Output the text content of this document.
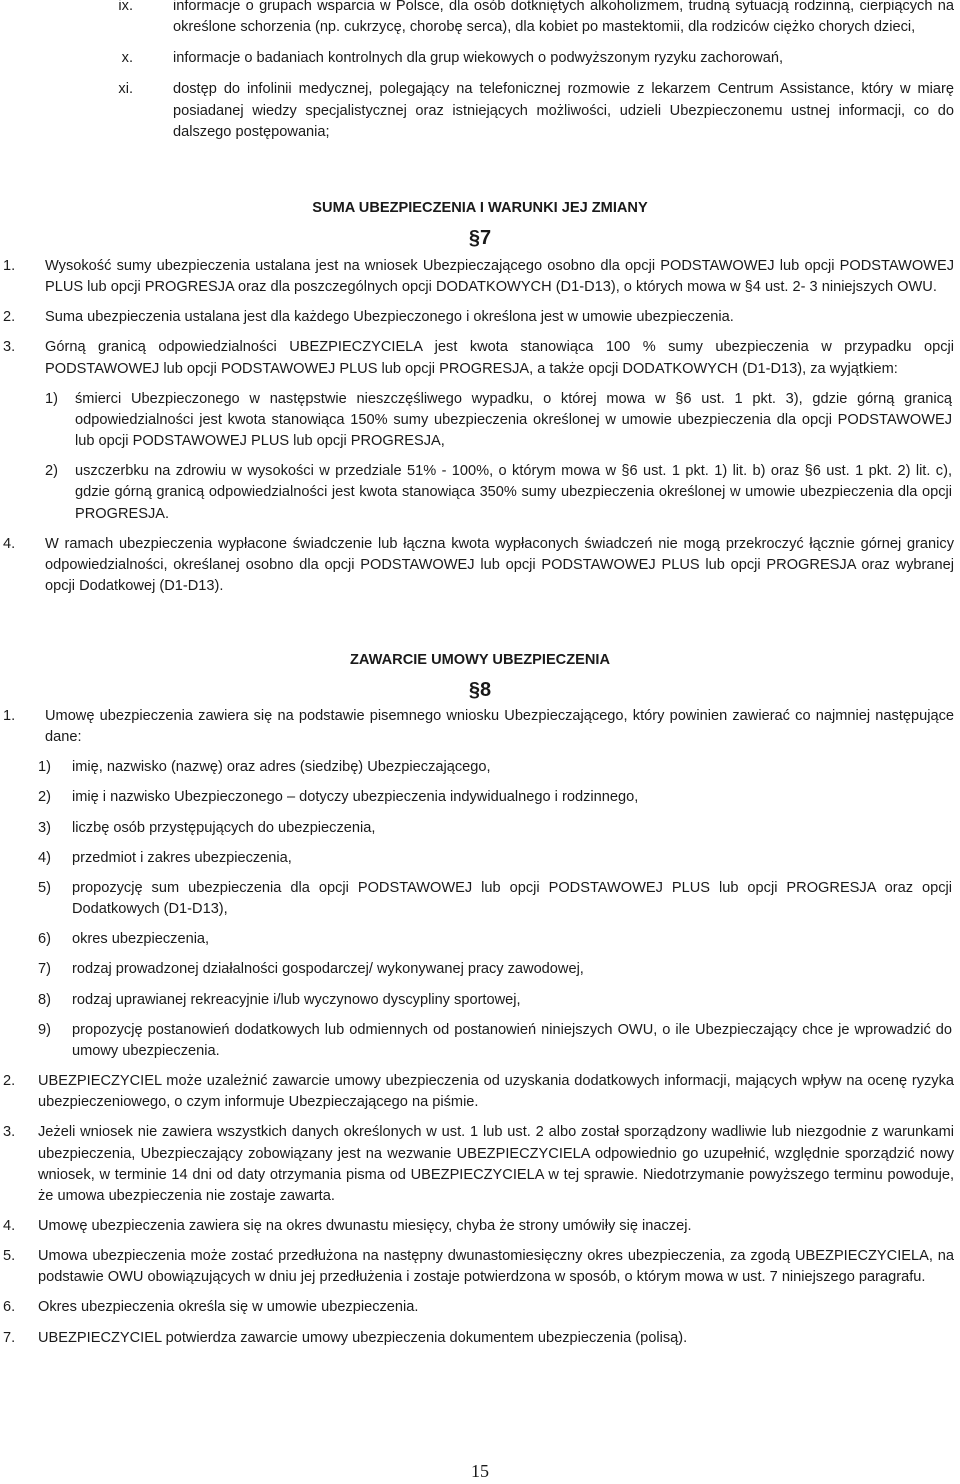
ix.	informacje o grupach wsparcia w Polsce, dla osób dotkniętych alkoholizmem, trudną sytuacją rodzinną, cierpiących na określone schorzenia (np. cukrzycę, chorobę serca), dla kobiet po mastektomii, dla rodziców ciężko chorych dzieci,
x.	informacje o badaniach kontrolnych dla grup wiekowych o podwyższonym ryzyku zachorowań,
xi.	dostęp do infolinii medycznej, polegający na telefonicznej rozmowie z lekarzem Centrum Assistance, który w miarę posiadanej wiedzy specjalistycznej oraz istniejących możliwości, udzieli Ubezpieczonemu ustnej informacji, co do dalszego postępowania;
SUMA UBEZPIECZENIA I WARUNKI JEJ ZMIANY
§7
1. Wysokość sumy ubezpieczenia ustalana jest na wniosek Ubezpieczającego osobno dla opcji PODSTAWOWEJ lub opcji PODSTAWOWEJ PLUS lub opcji PROGRESJA oraz dla poszczególnych opcji DODATKOWYCH (D1-D13), o których mowa w §4 ust. 2- 3 niniejszych OWU.
2. Suma ubezpieczenia ustalana jest dla każdego Ubezpieczonego i określona jest w umowie ubezpieczenia.
3. Górną granicą odpowiedzialności UBEZPIECZYCIELA jest kwota stanowiąca 100 % sumy ubezpieczenia w przypadku opcji PODSTAWOWEJ lub opcji PODSTAWOWEJ PLUS lub opcji PROGRESJA, a także opcji DODATKOWYCH (D1-D13), za wyjątkiem:
1) śmierci Ubezpieczonego w następstwie nieszczęśliwego wypadku, o której mowa w §6 ust. 1 pkt. 3), gdzie górną granicą odpowiedzialności jest kwota stanowiąca 150% sumy ubezpieczenia określonej w umowie ubezpieczenia dla opcji PODSTAWOWEJ lub opcji PODSTAWOWEJ PLUS lub opcji PROGRESJA,
2) uszczerbku na zdrowiu w wysokości w przedziale 51% - 100%, o którym mowa w §6 ust. 1 pkt. 1) lit. b) oraz §6 ust. 1 pkt. 2) lit. c), gdzie górną granicą odpowiedzialności jest kwota stanowiąca 350% sumy ubezpieczenia określonej w umowie ubezpieczenia dla opcji PROGRESJA.
4. W ramach ubezpieczenia wypłacone świadczenie lub łączna kwota wypłaconych świadczeń nie mogą przekroczyć łącznie górnej granicy odpowiedzialności, określanej osobno dla opcji PODSTAWOWEJ lub opcji PODSTAWOWEJ PLUS lub opcji PROGRESJA oraz wybranej opcji Dodatkowej (D1-D13).
ZAWARCIE UMOWY UBEZPIECZENIA
§8
1. Umowę ubezpieczenia zawiera się na podstawie pisemnego wniosku Ubezpieczającego, który powinien zawierać co najmniej następujące dane:
1) imię, nazwisko (nazwę) oraz adres (siedzibę) Ubezpieczającego,
2) imię i nazwisko Ubezpieczonego – dotyczy ubezpieczenia indywidualnego i rodzinnego,
3) liczbę osób przystępujących do ubezpieczenia,
4) przedmiot i zakres ubezpieczenia,
5) propozycję sum ubezpieczenia dla opcji PODSTAWOWEJ lub opcji PODSTAWOWEJ PLUS lub opcji PROGRESJA oraz opcji Dodatkowych (D1-D13),
6) okres ubezpieczenia,
7) rodzaj prowadzonej działalności gospodarczej/ wykonywanej pracy zawodowej,
8) rodzaj uprawianej rekreacyjnie i/lub wyczynowo dyscypliny sportowej,
9) propozycję postanowień dodatkowych lub odmiennych od postanowień niniejszych OWU, o ile Ubezpieczający chce je wprowadzić do umowy ubezpieczenia.
2. UBEZPIECZYCIEL może uzależnić zawarcie umowy ubezpieczenia od uzyskania dodatkowych informacji, mających wpływ na ocenę ryzyka ubezpieczeniowego, o czym informuje Ubezpieczającego na piśmie.
3. Jeżeli wniosek nie zawiera wszystkich danych określonych w ust. 1 lub ust. 2 albo został sporządzony wadliwie lub niezgodnie z warunkami ubezpieczenia, Ubezpieczający zobowiązany jest na wezwanie UBEZPIECZYCIELA odpowiednio go uzupełnić, względnie sporządzić nowy wniosek, w terminie 14 dni od daty otrzymania pisma od UBEZPIECZYCIELA w tej sprawie. Niedotrzymanie powyższego terminu powoduje, że umowa ubezpieczenia nie zostaje zawarta.
4. Umowę ubezpieczenia zawiera się na okres dwunastu miesięcy, chyba że strony umówiły się inaczej.
5. Umowa ubezpieczenia może zostać przedłużona na następny dwunastomiesięczny okres ubezpieczenia, za zgodą UBEZPIECZYCIELA, na podstawie OWU obowiązujących w dniu jej przedłużenia i zostaje potwierdzona w sposób, o którym mowa w ust. 7 niniejszego paragrafu.
6. Okres ubezpieczenia określa się w umowie ubezpieczenia.
7. UBEZPIECZYCIEL potwierdza zawarcie umowy ubezpieczenia dokumentem ubezpieczenia (polisą).
15
